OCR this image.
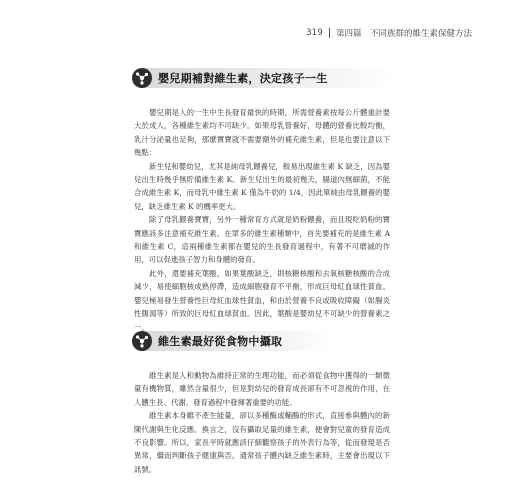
319 第四篇　不同族群的維生素保健方法
嬰兒期補對維生素，決定孩子一生

嬰兒期是人的一生中生長發育最快的時期，所需營養素按每公斤體重計要大於成人，各種維生素均不可缺少。如果母乳營養好，母體的營養比較均衡，乳汁分泌量也足夠，那麼寶寶就不需要額外的補充維生素，但是也要注意以下幾點：

新生兒和嬰幼兒，尤其是純母乳餵養兒，較易出現維生素 K 缺乏，因為嬰兒出生時幾乎無貯備維生素 K。新生兒出生的最初幾天，腸道內無細菌，不能合成維生素 K，而母乳中維生素 K 僅為牛奶的 1/4，因此單純由母乳餵養的嬰兒，缺乏維生素 K 的機率更大。

除了母乳餵養寶寶，另外一種常育方式就是奶粉餵養，而且現吃奶粉的寶寶應該多注意補充維生素。在眾多的維生素種類中，首先要補充的是維生素 A 和維生素 C，這兩種維生素都在嬰兒的生長發育過程中，有著不可磨滅的作用，可以促進孩子智力和身體的發育。

此外，還要補充葉酸，如果葉酸缺乏，則核糖核酸和去氧核糖核酸的合成減少，易使細胞核成熟停滯，造成細胞發育不平衡，形成巨母紅血球性貧血。嬰兒極易發生營養性巨母紅血球性貧血，和由於營養不良或吸收障礙（如腸炎性腹瀉等）所致的巨母紅血球貧血。因此，葉酸是嬰幼兒不可缺少的營養素之一。

維生素最好從食物中攝取

維生素是人和動物為維持正常的生理功能，而必須從食物中獲得的一類微量有機物質，雖然含量很少，但是對幼兒的發育成長卻有不可忽視的作用，在人體生長、代謝、發育過程中發揮著重要的功能。

維生素本身雖不產生能量，卻以多種酶或輔酶的形式，直接參與體內的新陳代謝與生化反應。換言之，沒有攝取足量的維生素，便會對兒童的發育造成不良影響。所以，家長平時就應該仔細觀察孩子的外表行為等，從而發現是否異常，繼而判斷孩子健康與否。通常孩子體內缺乏維生素時，主要會出現以下訊號。
